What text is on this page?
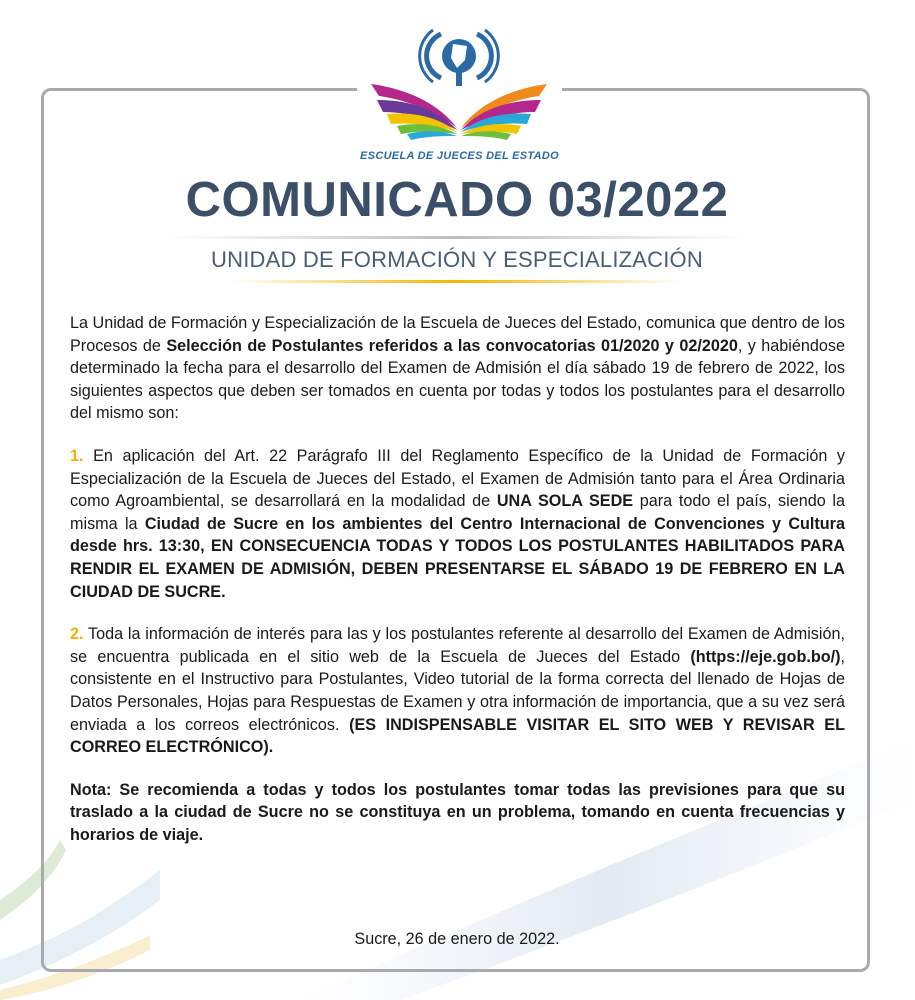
ESCUELA DE JUECES DEL ESTADO
COMUNICADO 03/2022
UNIDAD DE FORMACIÓN Y ESPECIALIZACIÓN

La Unidad de Formación y Especialización de la Escuela de Jueces del Estado, comunica que dentro de los Procesos de Selección de Postulantes referidos a las convocatorias 01/2020 y 02/2020, y habiéndose determinado la fecha para el desarrollo del Examen de Admisión el día sábado 19 de febrero de 2022, los siguientes aspectos que deben ser tomados en cuenta por todas y todos los postulantes para el desarrollo del mismo son:

1. En aplicación del Art. 22 Parágrafo III del Reglamento Específico de la Unidad de Formación y Especialización de la Escuela de Jueces del Estado, el Examen de Admisión tanto para el Área Ordinaria como Agroambiental, se desarrollará en la modalidad de UNA SOLA SEDE para todo el país, siendo la misma la Ciudad de Sucre en los ambientes del Centro Internacional de Convenciones y Cultura desde hrs. 13:30, EN CONSECUENCIA TODAS Y TODOS LOS POSTULANTES HABILITADOS PARA RENDIR EL EXAMEN DE ADMISIÓN, DEBEN PRESENTARSE EL SÁBADO 19 DE FEBRERO EN LA CIUDAD DE SUCRE.

2. Toda la información de interés para las y los postulantes referente al desarrollo del Examen de Admisión, se encuentra publicada en el sitio web de la Escuela de Jueces del Estado (https://eje.gob.bo/), consistente en el Instructivo para Postulantes, Video tutorial de la forma correcta del llenado de Hojas de Datos Personales, Hojas para Respuestas de Examen y otra información de importancia, que a su vez será enviada a los correos electrónicos. (ES INDISPENSABLE VISITAR EL SITO WEB Y REVISAR EL CORREO ELECTRÓNICO).

Nota: Se recomienda a todas y todos los postulantes tomar todas las previsiones para que su traslado a la ciudad de Sucre no se constituya en un problema, tomando en cuenta frecuencias y horarios de viaje.

Sucre, 26 de enero de 2022.
